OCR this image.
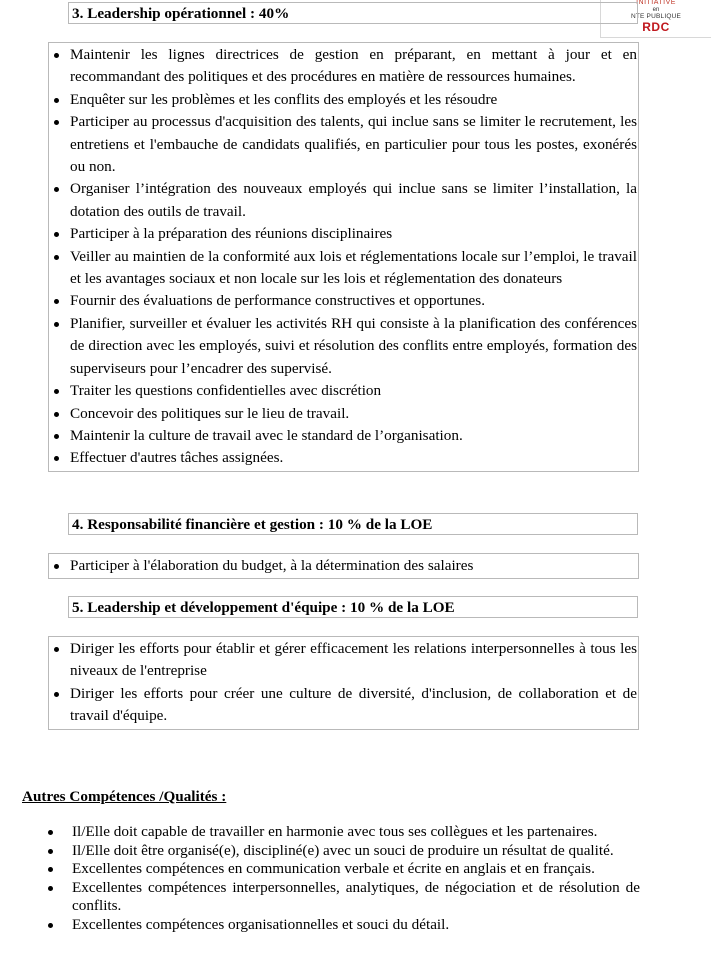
INITIATIVE
en
NTE PUBLIQUE
RDC
3. Leadership opérationnel : 40%
Maintenir les lignes directrices de gestion en préparant, en mettant à jour et en recommandant des politiques et des procédures en matière de ressources humaines.
Enquêter sur les problèmes et les conflits des employés et les résoudre
Participer au processus d'acquisition des talents, qui inclue sans se limiter le recrutement, les entretiens et l'embauche de candidats qualifiés, en particulier pour tous les postes, exonérés ou non.
Organiser l’intégration des nouveaux employés qui inclue sans se limiter l’installation, la dotation des outils de travail.
Participer à la préparation des réunions disciplinaires
Veiller au maintien de la conformité aux lois et réglementations locale sur l’emploi, le travail et les avantages sociaux et non locale sur les lois et réglementation des donateurs
Fournir des évaluations de performance constructives et opportunes.
Planifier, surveiller et évaluer les activités RH qui consiste à la planification des conférences de direction avec les employés, suivi et résolution des conflits entre employés, formation des superviseurs pour l’encadrer des supervisé.
Traiter les questions confidentielles avec discrétion
Concevoir des politiques sur le lieu de travail.
Maintenir la culture de travail avec le standard de l’organisation.
Effectuer d'autres tâches assignées.
4. Responsabilité financière et gestion : 10 % de la LOE
Participer à l'élaboration du budget, à la détermination des salaires
5. Leadership et développement d'équipe : 10 % de la LOE
Diriger les efforts pour établir et gérer efficacement les relations interpersonnelles à tous les niveaux de l'entreprise
Diriger les efforts pour créer une culture de diversité, d'inclusion, de collaboration et de travail d'équipe.
Autres Compétences /Qualités :
Il/Elle doit capable de travailler en harmonie avec tous ses collègues et les partenaires.
Il/Elle doit être organisé(e), discipliné(e) avec un souci de produire un résultat de qualité.
Excellentes compétences en communication verbale et écrite en anglais et en français.
Excellentes compétences interpersonnelles, analytiques, de négociation et de résolution de conflits.
Excellentes compétences organisationnelles et souci du détail.
